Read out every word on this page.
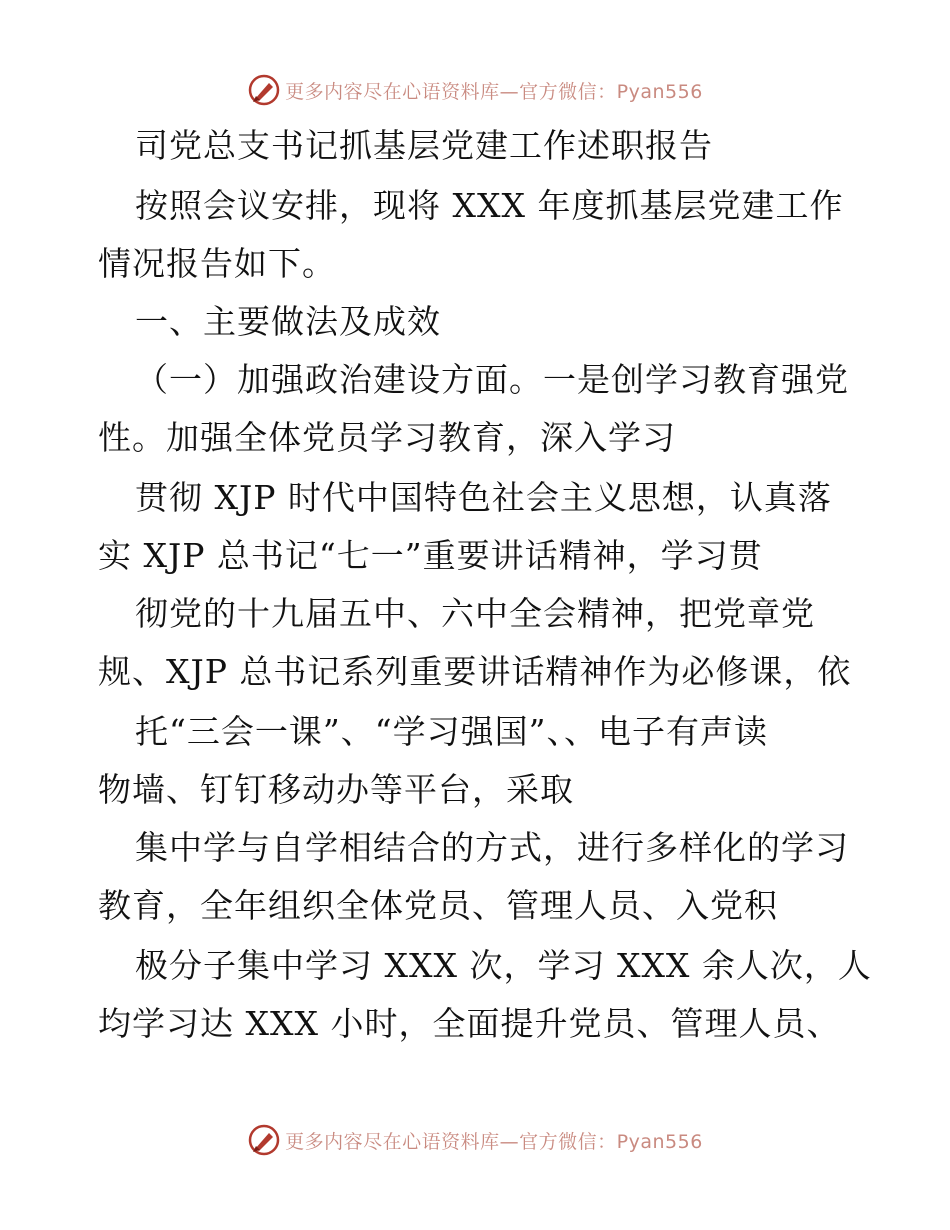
更多内容尽在心语资料库—官方微信：Pyan556
司党总支书记抓基层党建工作述职报告
按照会议安排，现将 XXX 年度抓基层党建工作
情况报告如下。
一、主要做法及成效
（一）加强政治建设方面。一是创学习教育强党
性。加强全体党员学习教育，深入学习
贯彻 XJP 时代中国特色社会主义思想，认真落
实 XJP 总书记“七一”重要讲话精神，学习贯
彻党的十九届五中、六中全会精神，把党章党
规、XJP 总书记系列重要讲话精神作为必修课，依
托“三会一课”、“学习强国”、、电子有声读
物墙、钉钉移动办等平台，采取
集中学与自学相结合的方式，进行多样化的学习
教育，全年组织全体党员、管理人员、入党积
极分子集中学习 XXX 次，学习 XXX 余人次，人
均学习达 XXX 小时，全面提升党员、管理人员、
更多内容尽在心语资料库—官方微信：Pyan556
